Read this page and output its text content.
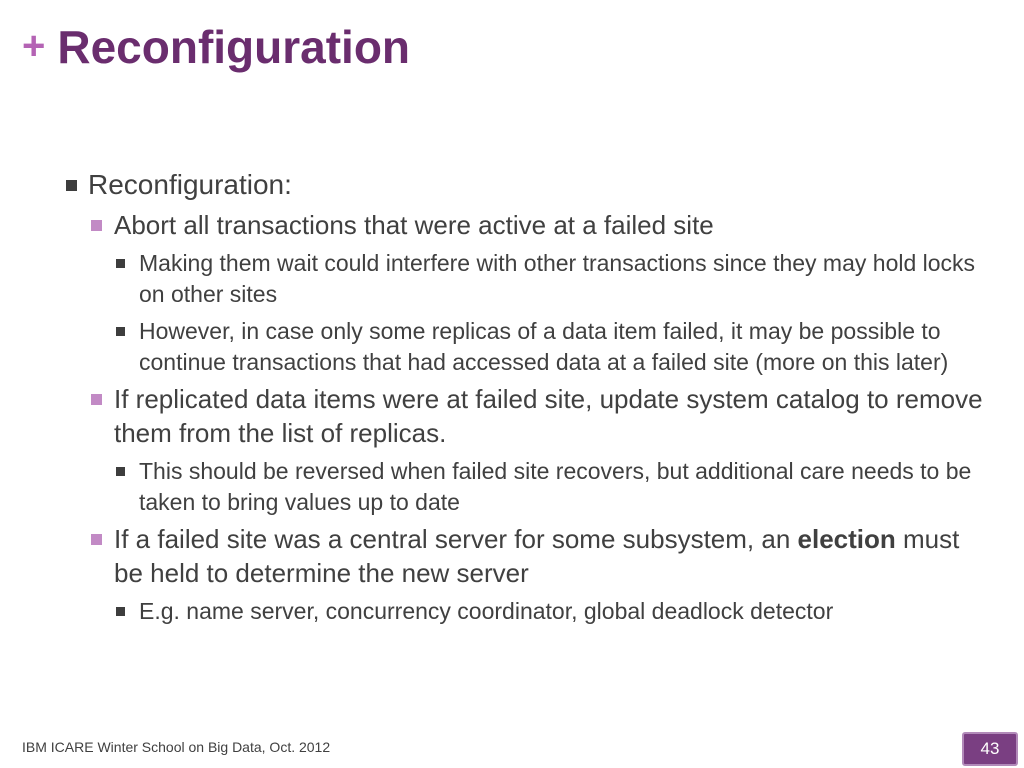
+ Reconfiguration
Reconfiguration:
Abort all transactions that were active at a failed site
Making them wait could interfere with other transactions since they may hold locks on other sites
However, in case only some replicas of a data item failed, it may be possible to continue transactions that had accessed data at a failed site (more on this later)
If replicated data items were at failed site, update system catalog to remove them from the list of replicas.
This should be reversed when failed site recovers, but additional care needs to be taken to bring values up to date
If a failed site was a central server for some subsystem, an election must be held to determine the new server
E.g. name server, concurrency coordinator, global deadlock detector
IBM ICARE Winter School on Big Data, Oct. 2012	43
